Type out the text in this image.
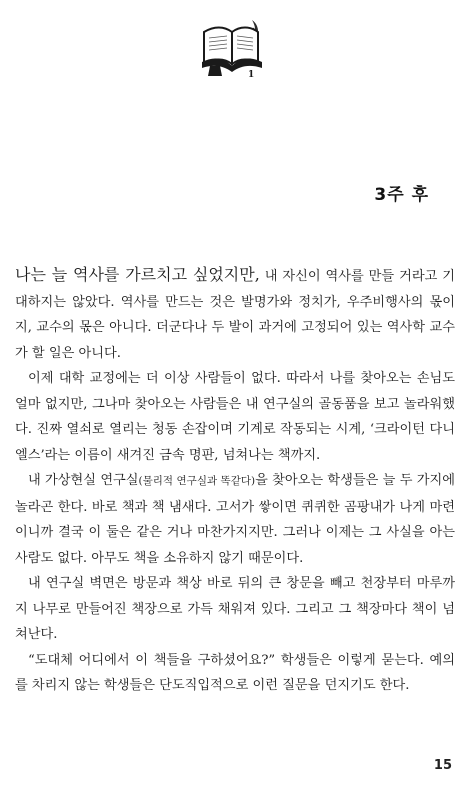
1
3주 후

나는 늘 역사를 가르치고 싶었지만, 내 자신이 역사를 만들 거라고 기대하지는 않았다. 역사를 만드는 것은 발명가와 정치가, 우주비행사의 몫이지, 교수의 몫은 아니다. 더군다나 두 발이 과거에 고정되어 있는 역사학 교수가 할 일은 아니다.

이제 대학 교정에는 더 이상 사람들이 없다. 따라서 나를 찾아오는 손님도 얼마 없지만, 그나마 찾아오는 사람들은 내 연구실의 골동품을 보고 놀라워했다. 진짜 열쇠로 열리는 청동 손잡이며 기계로 작동되는 시계, ‘크라이턴 다니엘스’라는 이름이 새겨진 금속 명판, 넘쳐나는 책까지.

내 가상현실 연구실(물리적 연구실과 똑같다)을 찾아오는 학생들은 늘 두 가지에 놀라곤 한다. 바로 책과 책 냄새다. 고서가 쌓이면 퀴퀴한 곰팡내가 나게 마련이니까 결국 이 둘은 같은 거나 마찬가지지만. 그러나 이제는 그 사실을 아는 사람도 없다. 아무도 책을 소유하지 않기 때문이다.

내 연구실 벽면은 방문과 책상 바로 뒤의 큰 창문을 빼고 천장부터 마루까지 나무로 만들어진 책장으로 가득 채워져 있다. 그리고 그 책장마다 책이 넘쳐난다.

“도대체 어디에서 이 책들을 구하셨어요?” 학생들은 이렇게 묻는다. 예의를 차리지 않는 학생들은 단도직입적으로 이런 질문을 던지기도 한다.

15
